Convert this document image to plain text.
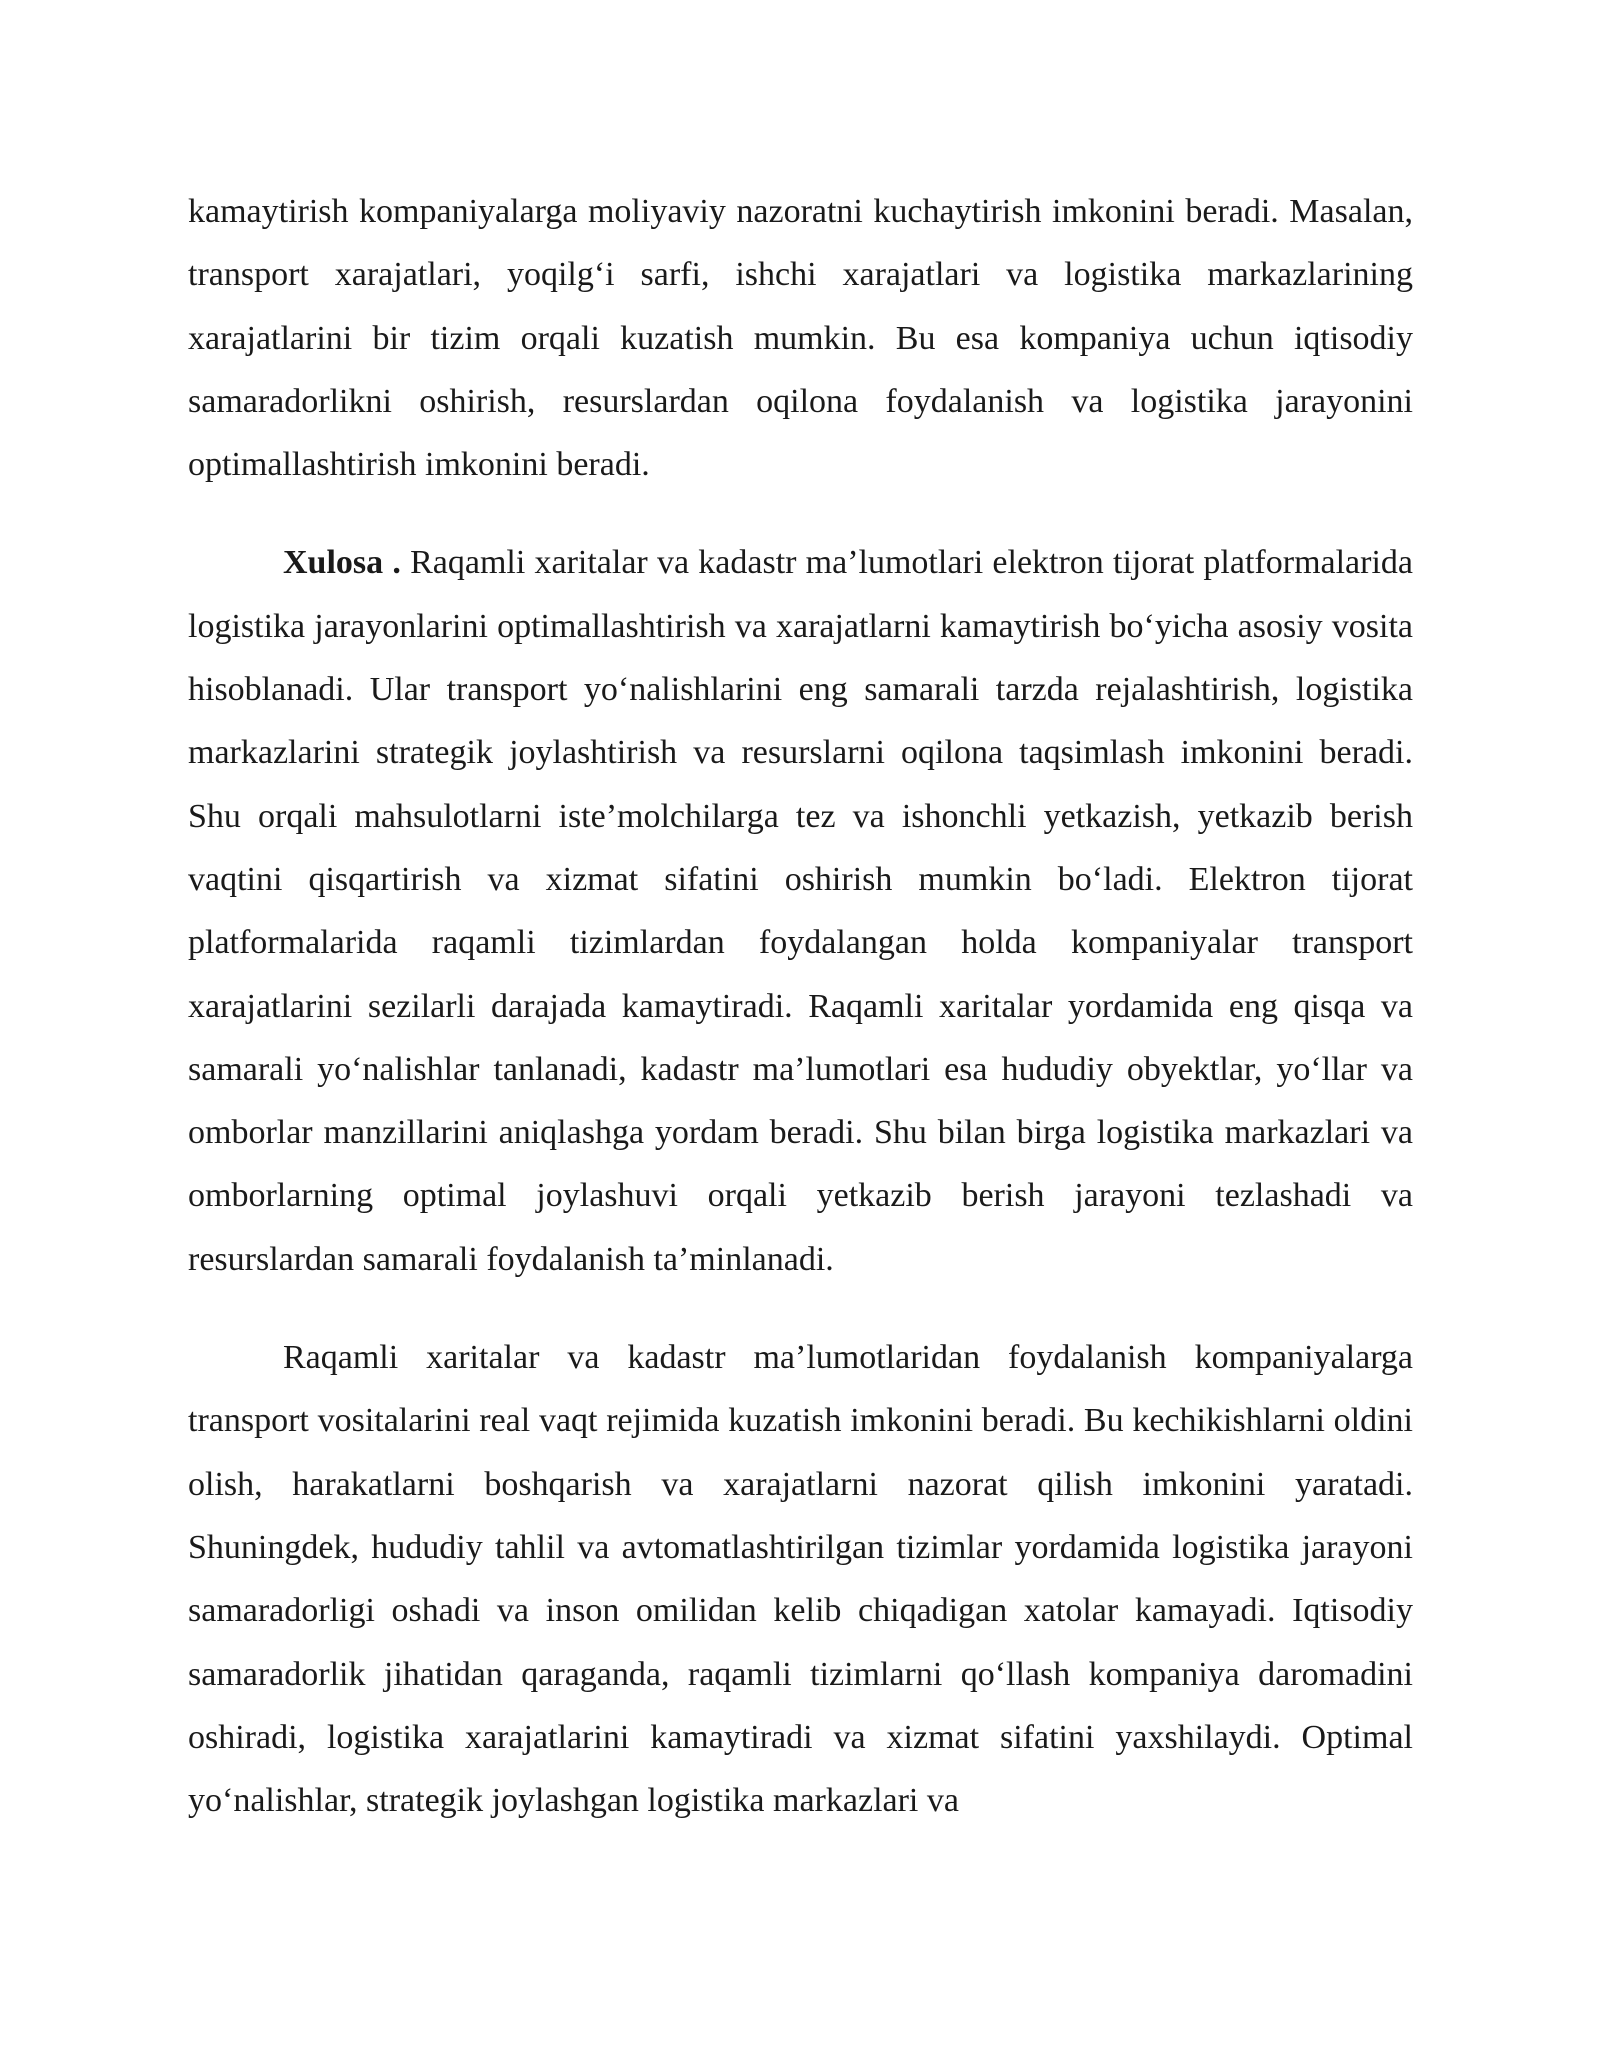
kamaytirish kompaniyalarga moliyaviy nazoratni kuchaytirish imkonini beradi. Masalan, transport xarajatlari, yoqilg‘i sarfi, ishchi xarajatlari va logistika markazlarining xarajatlarini bir tizim orqali kuzatish mumkin. Bu esa kompaniya uchun iqtisodiy samaradorlikni oshirish, resurslardan oqilona foydalanish va logistika jarayonini optimallashtirish imkonini beradi.

Xulosa . Raqamli xaritalar va kadastr ma’lumotlari elektron tijorat platformalarida logistika jarayonlarini optimallashtirish va xarajatlarni kamaytirish bo‘yicha asosiy vosita hisoblanadi. Ular transport yo‘nalishlarini eng samarali tarzda rejalashtirish, logistika markazlarini strategik joylashtirish va resurslarni oqilona taqsimlash imkonini beradi. Shu orqali mahsulotlarni iste’molchilarga tez va ishonchli yetkazish, yetkazib berish vaqtini qisqartirish va xizmat sifatini oshirish mumkin bo‘ladi. Elektron tijorat platformalarida raqamli tizimlardan foydalangan holda kompaniyalar transport xarajatlarini sezilarli darajada kamaytiradi. Raqamli xaritalar yordamida eng qisqa va samarali yo‘nalishlar tanlanadi, kadastr ma’lumotlari esa hududiy obyektlar, yo‘llar va omborlar manzillarini aniqlashga yordam beradi. Shu bilan birga logistika markazlari va omborlarning optimal joylashuvi orqali yetkazib berish jarayoni tezlashadi va resurslardan samarali foydalanish ta’minlanadi.

Raqamli xaritalar va kadastr ma’lumotlaridan foydalanish kompaniyalarga transport vositalarini real vaqt rejimida kuzatish imkonini beradi. Bu kechikishlarni oldini olish, harakatlarni boshqarish va xarajatlarni nazorat qilish imkonini yaratadi. Shuningdek, hududiy tahlil va avtomatlashtirilgan tizimlar yordamida logistika jarayoni samaradorligi oshadi va inson omilidan kelib chiqadigan xatolar kamayadi. Iqtisodiy samaradorlik jihatidan qaraganda, raqamli tizimlarni qo‘llash kompaniya daromadini oshiradi, logistika xarajatlarini kamaytiradi va xizmat sifatini yaxshilaydi. Optimal yo‘nalishlar, strategik joylashgan logistika markazlari va
